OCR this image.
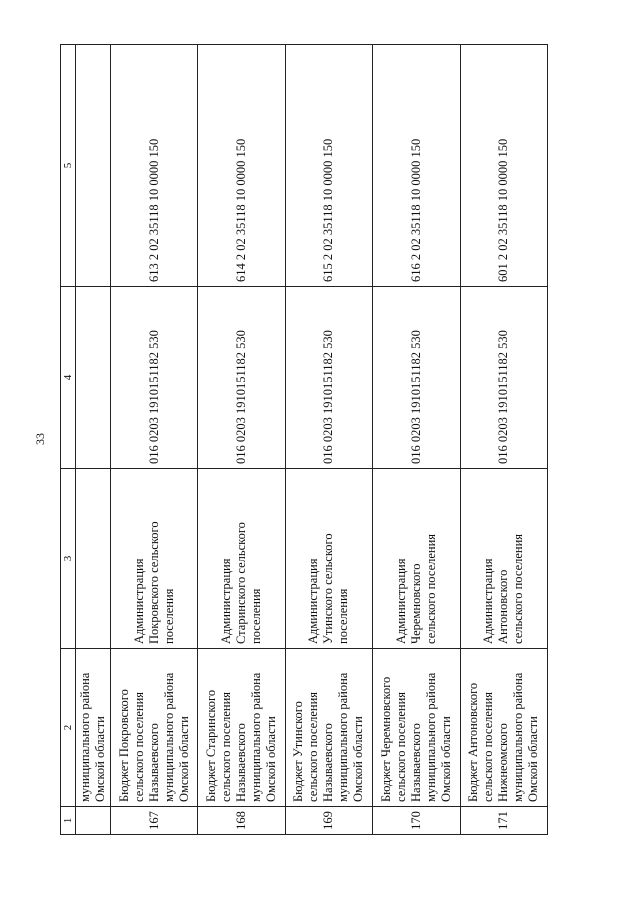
33
1	2	3	4	5
	муниципального района
Омской области			
167	Бюджет Покровского
сельского поселения
Называевского
муниципального района
Омской области	Администрация
Покровского сельского
поселения	016 0203 1910151182 530	613 2 02 35118 10 0000 150
168	Бюджет Старинского
сельского поселения
Называевского
муниципального района
Омской области	Администрация
Старинского сельского
поселения	016 0203 1910151182 530	614 2 02 35118 10 0000 150
169	Бюджет Утинского
сельского поселения
Называевского
муниципального района
Омской области	Администрация
Утинского сельского
поселения	016 0203 1910151182 530	615 2 02 35118 10 0000 150
170	Бюджет Черемновского
сельского поселения
Называевского
муниципального района
Омской области	Администрация
Черемновского
сельского поселения	016 0203 1910151182 530	616 2 02 35118 10 0000 150
171	Бюджет Антоновского
сельского поселения
Нижнеомского
муниципального района
Омской области	Администрация
Антоновского
сельского поселения	016 0203 1910151182 530	601 2 02 35118 10 0000 150
